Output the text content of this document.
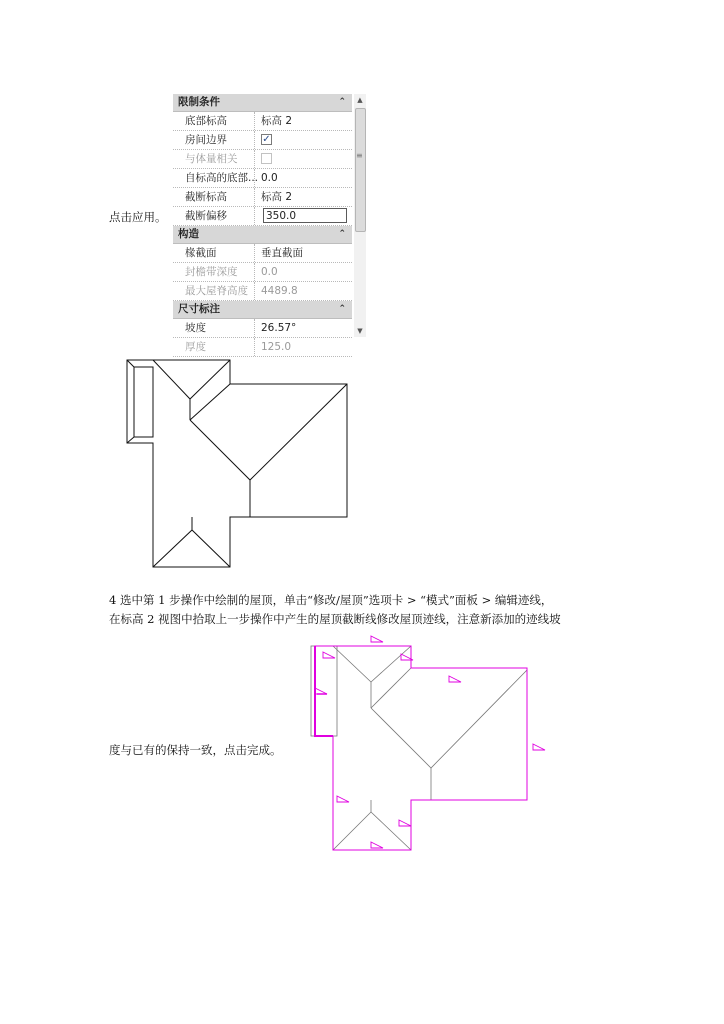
点击应用。
限制条件	⌃
底部标高	标高 2
房间边界	✓
与体量相关
自标高的底部... 0.0
截断标高	标高 2
截断偏移	350.0
构造	⌃
椽截面	垂直截面
封檐带深度	0.0
最大屋脊高度	4489.8
尺寸标注	⌃
坡度	26.57°
厚度	125.0
▲
≡
▼
4 选中第 1 步操作中绘制的屋顶，单击“修改/屋顶”选项卡 > “模式”面板 > 编辑迹线，
在标高 2 视图中拾取上一步操作中产生的屋顶截断线修改屋顶迹线，注意新添加的迹线坡
度与已有的保持一致，点击完成。
